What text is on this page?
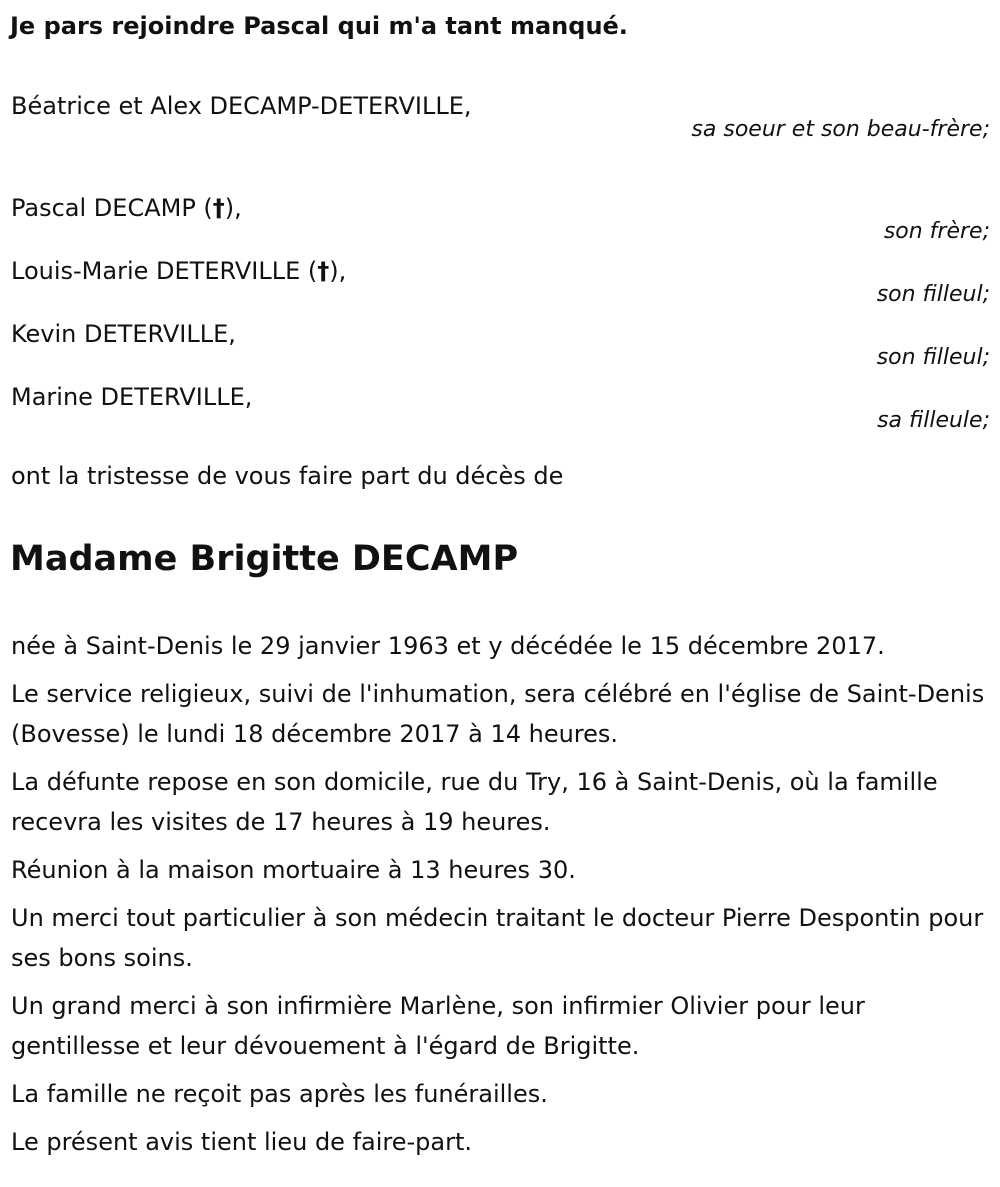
Je pars rejoindre Pascal qui m'a tant manqué.
Béatrice et Alex DECAMP-DETERVILLE,
sa soeur et son beau-frère;
Pascal DECAMP (†),
son frère;
Louis-Marie DETERVILLE (†),
son filleul;
Kevin DETERVILLE,
son filleul;
Marine DETERVILLE,
sa filleule;
ont la tristesse de vous faire part du décès de
Madame Brigitte DECAMP

née à Saint-Denis le 29 janvier 1963 et y décédée le 15 décembre 2017.

Le service religieux, suivi de l'inhumation, sera célébré en l'église de Saint-Denis (Bovesse) le lundi 18 décembre 2017 à 14 heures.

La défunte repose en son domicile, rue du Try, 16 à Saint-Denis, où la famille recevra les visites de 17 heures à 19 heures.

Réunion à la maison mortuaire à 13 heures 30.

Un merci tout particulier à son médecin traitant le docteur Pierre Despontin pour ses bons soins.

Un grand merci à son infirmière Marlène, son infirmier Olivier pour leur gentillesse et leur dévouement à l'égard de Brigitte.

La famille ne reçoit pas après les funérailles.

Le présent avis tient lieu de faire-part.
